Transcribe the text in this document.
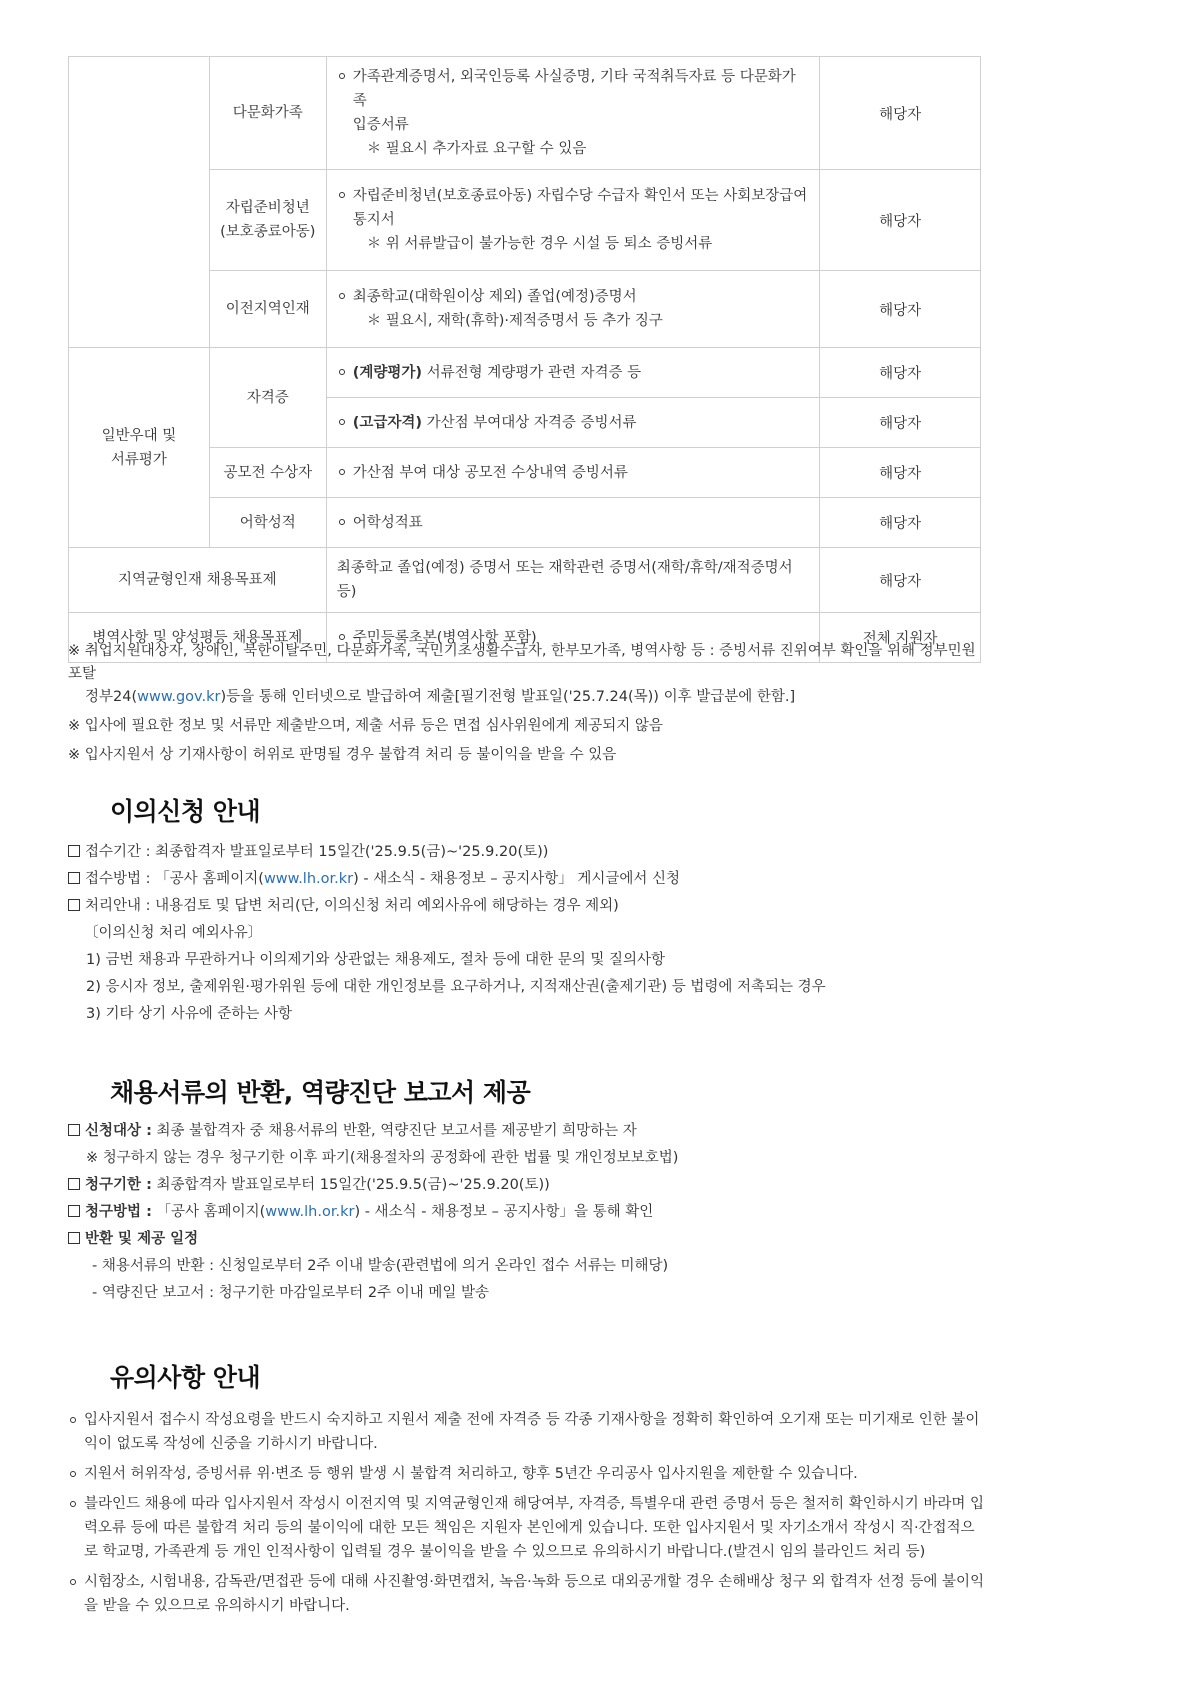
	다문화가족	가족관계증명서, 외국인등록 사실증명, 기타 국적취득자료 등 다문화가족
입증서류
＊ 필요시 추가자료 요구할 수 있음	해당자
	자립준비청년
(보호종료아동)	자립준비청년(보호종료아동) 자립수당 수급자 확인서 또는 사회보장급여
통지서
＊ 위 서류발급이 불가능한 경우 시설 등 퇴소 증빙서류	해당자
	이전지역인재	최종학교(대학원이상 제외) 졸업(예정)증명서
＊ 필요시, 재학(휴학)·제적증명서 등 추가 징구	해당자
일반우대 및
서류평가	자격증	(계량평가) 서류전형 계량평가 관련 자격증 등	해당자

		(고급자격) 가산점 부여대상 자격증 증빙서류	해당자
	공모전 수상자	가산점 부여 대상 공모전 수상내역 증빙서류	해당자
	어학성적	어학성적표	해당자
지역균형인재 채용목표제		최종학교 졸업(예정) 증명서 또는 재학관련 증명서(재학/휴학/재적증명서 등)	해당자
병역사항 및 양성평등 채용목표제		주민등록초본(병역사항 포함)	전체 지원자

※ 취업지원대상자, 장애인, 북한이탈주민, 다문화가족, 국민기초생활수급자, 한부모가족, 병역사항 등 : 증빙서류 진위여부 확인을 위해 정부민원포탈
정부24(www.gov.kr)등을 통해 인터넷으로 발급하여 제출[필기전형 발표일('25.7.24(목)) 이후 발급분에 한함.]

※ 입사에 필요한 정보 및 서류만 제출받으며, 제출 서류 등은 면접 심사위원에게 제공되지 않음

※ 입사지원서 상 기재사항이 허위로 판명될 경우 불합격 처리 등 불이익을 받을 수 있음

이의신청 안내
접수기간 : 최종합격자 발표일로부터 15일간('25.9.5(금)~'25.9.20(토))
접수방법 : 「공사 홈페이지(www.lh.or.kr) - 새소식 - 채용정보 – 공지사항」 게시글에서 신청
처리안내 : 내용검토 및 답변 처리(단, 이의신청 처리 예외사유에 해당하는 경우 제외)
〔이의신청 처리 예외사유〕
1) 금번 채용과 무관하거나 이의제기와 상관없는 채용제도, 절차 등에 대한 문의 및 질의사항
2) 응시자 정보, 출제위원·평가위원 등에 대한 개인정보를 요구하거나, 지적재산권(출제기관) 등 법령에 저촉되는 경우
3) 기타 상기 사유에 준하는 사항
채용서류의 반환, 역량진단 보고서 제공
신청대상 : 최종 불합격자 중 채용서류의 반환, 역량진단 보고서를 제공받기 희망하는 자
※ 청구하지 않는 경우 청구기한 이후 파기(채용절차의 공정화에 관한 법률 및 개인정보보호법)
청구기한 : 최종합격자 발표일로부터 15일간('25.9.5(금)~'25.9.20(토))
청구방법 : 「공사 홈페이지(www.lh.or.kr) - 새소식 - 채용정보 – 공지사항」을 통해 확인
반환 및 제공 일정
- 채용서류의 반환 : 신청일로부터 2주 이내 발송(관련법에 의거 온라인 접수 서류는 미해당)
- 역량진단 보고서 : 청구기한 마감일로부터 2주 이내 메일 발송
유의사항 안내
입사지원서 접수시 작성요령을 반드시 숙지하고 지원서 제출 전에 자격증 등 각종 기재사항을 정확히 확인하여 오기재 또는 미기재로 인한 불이익이 없도록 작성에 신중을 기하시기 바랍니다.
지원서 허위작성, 증빙서류 위·변조 등 행위 발생 시 불합격 처리하고, 향후 5년간 우리공사 입사지원을 제한할 수 있습니다.
블라인드 채용에 따라 입사지원서 작성시 이전지역 및 지역균형인재 해당여부, 자격증, 특별우대 관련 증명서 등은 철저히 확인하시기 바라며 입력오류 등에 따른 불합격 처리 등의 불이익에 대한 모든 책임은 지원자 본인에게 있습니다. 또한 입사지원서 및 자기소개서 작성시 직·간접적으로 학교명, 가족관계 등 개인 인적사항이 입력될 경우 불이익을 받을 수 있으므로 유의하시기 바랍니다.(발견시 임의 블라인드 처리 등)
시험장소, 시험내용, 감독관/면접관 등에 대해 사진촬영·화면캡처, 녹음·녹화 등으로 대외공개할 경우 손해배상 청구 외 합격자 선정 등에 불이익을 받을 수 있으므로 유의하시기 바랍니다.
